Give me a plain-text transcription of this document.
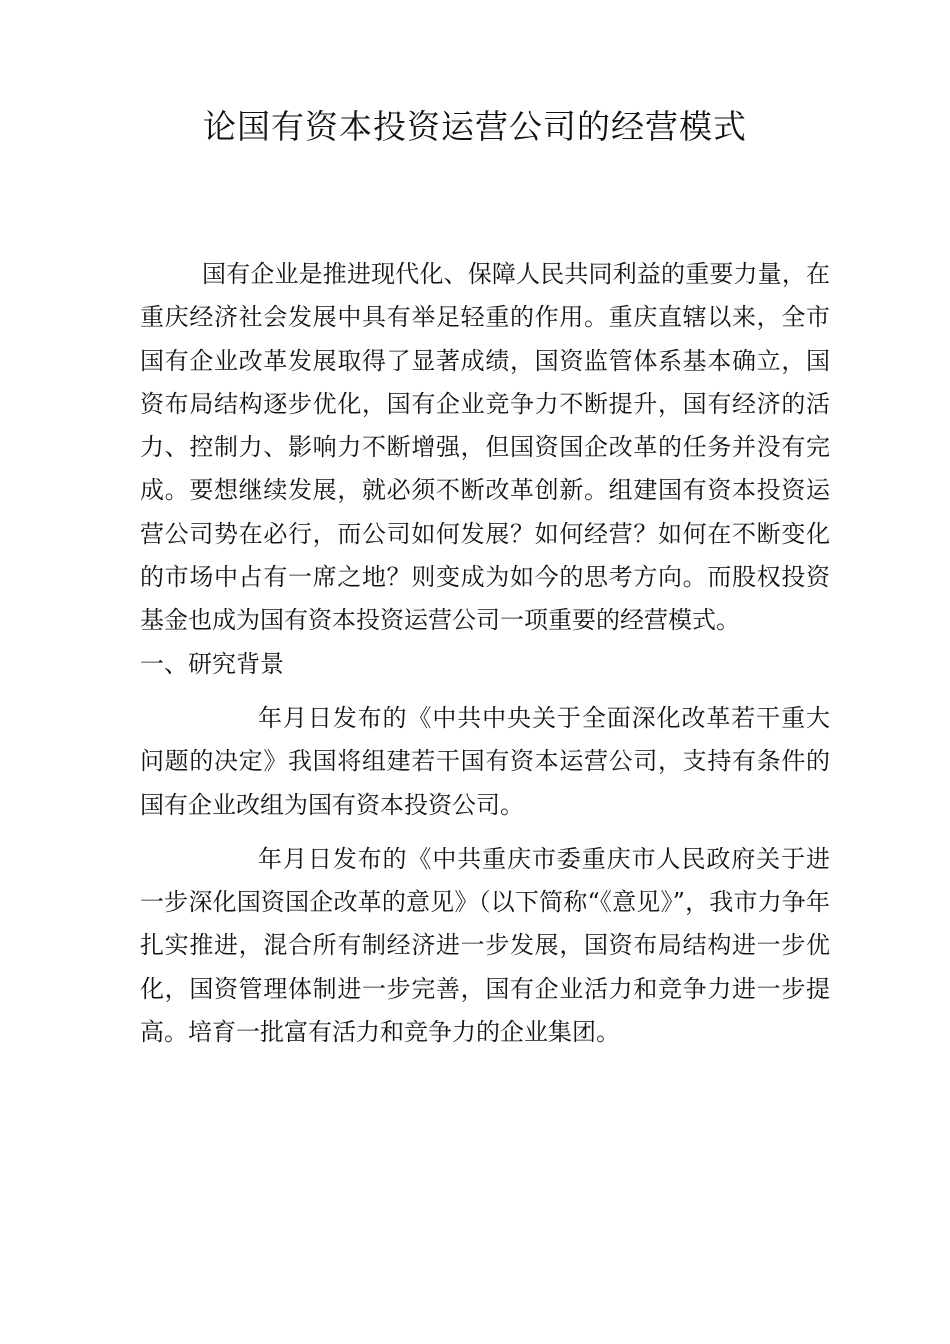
论国有资本投资运营公司的经营模式

国有企业是推进现代化、保障人民共同利益的重要力量，在重庆经济社会发展中具有举足轻重的作用。重庆直辖以来，全市国有企业改革发展取得了显著成绩，国资监管体系基本确立，国资布局结构逐步优化，国有企业竞争力不断提升，国有经济的活力、控制力、影响力不断增强，但国资国企改革的任务并没有完成。要想继续发展，就必须不断改革创新。组建国有资本投资运营公司势在必行，而公司如何发展？如何经营？如何在不断变化的市场中占有一席之地？则变成为如今的思考方向。而股权投资基金也成为国有资本投资运营公司一项重要的经营模式。

一、研究背景

年月日发布的《中共中央关于全面深化改革若干重大问题的决定》我国将组建若干国有资本运营公司，支持有条件的国有企业改组为国有资本投资公司。

年月日发布的《中共重庆市委重庆市人民政府关于进一步深化国资国企改革的意见》（以下简称“《意见》”，我市力争年扎实推进，混合所有制经济进一步发展，国资布局结构进一步优化，国资管理体制进一步完善，国有企业活力和竞争力进一步提高。培育一批富有活力和竞争力的企业集团。
